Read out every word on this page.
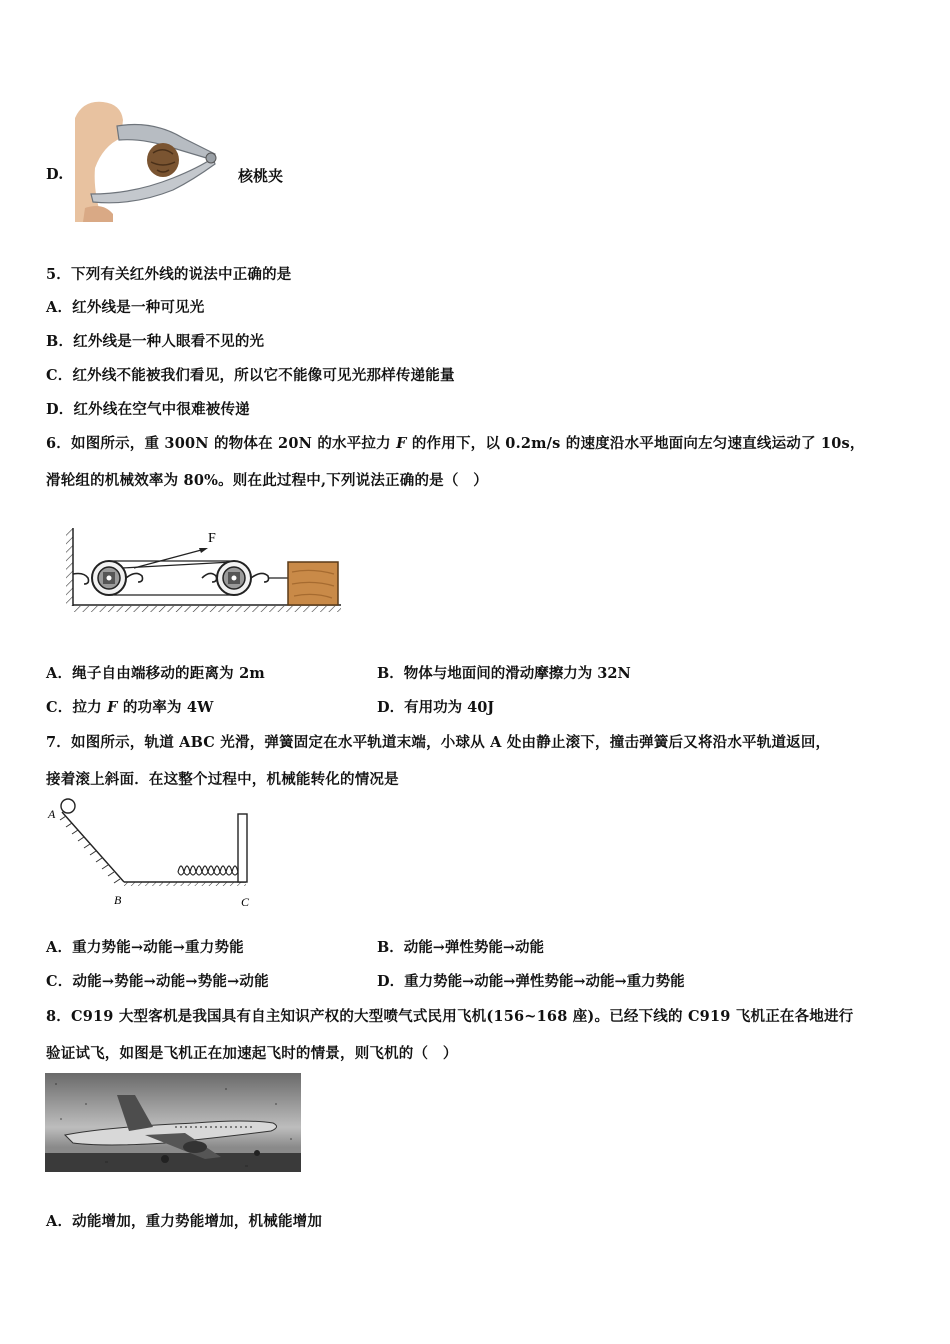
D.	核桃夹
5．下列有关红外线的说法中正确的是
A．红外线是一种可见光
B．红外线是一种人眼看不见的光
C．红外线不能被我们看见，所以它不能像可见光那样传递能量
D．红外线在空气中很难被传递
6．如图所示，重 300N 的物体在 20N 的水平拉力 F 的作用下，以 0.2m/s 的速度沿水平地面向左匀速直线运动了 10s，
滑轮组的机械效率为 80%。则在此过程中,下列说法正确的是（　）
F
A．绳子自由端移动的距离为 2m	B．物体与地面间的滑动摩擦力为 32N
C．拉力 F 的功率为 4W	D．有用功为 40J
7．如图所示，轨道 ABC 光滑，弹簧固定在水平轨道末端，小球从 A 处由静止滚下，撞击弹簧后又将沿水平轨道返回，
接着滚上斜面．在这整个过程中，机械能转化的情况是
A
B	C
A．重力势能→动能→重力势能	B．动能→弹性势能→动能
C．动能→势能→动能→势能→动能	D．重力势能→动能→弹性势能→动能→重力势能
8．C919 大型客机是我国具有自主知识产权的大型喷气式民用飞机(156~168 座)。已经下线的 C919 飞机正在各地进行
验证试飞，如图是飞机正在加速起飞时的情景，则飞机的（　）
A．动能增加，重力势能增加，机械能增加
